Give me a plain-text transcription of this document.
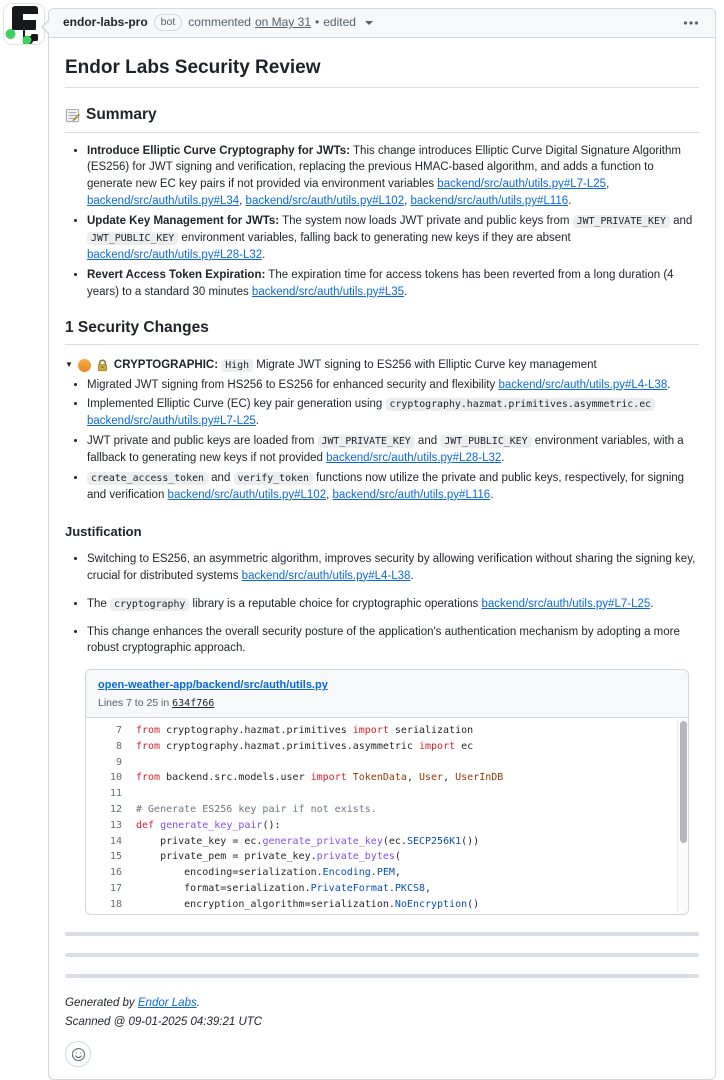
endor-labs-pro	bot	commented on May 31 • edited
Endor Labs Security Review
Summary
• Introduce Elliptic Curve Cryptography for JWTs: This change introduces Elliptic Curve Digital Signature Algorithm (ES256) for JWT signing and verification, replacing the previous HMAC-based algorithm, and adds a function to generate new EC key pairs if not provided via environment variables backend/src/auth/utils.py#L7-L25, backend/src/auth/utils.py#L34, backend/src/auth/utils.py#L102, backend/src/auth/utils.py#L116.
• Update Key Management for JWTs: The system now loads JWT private and public keys from JWT_PRIVATE_KEY and JWT_PUBLIC_KEY environment variables, falling back to generating new keys if they are absent backend/src/auth/utils.py#L28-L32.
• Revert Access Token Expiration: The expiration time for access tokens has been reverted from a long duration (4 years) to a standard 30 minutes backend/src/auth/utils.py#L35.
1 Security Changes
▼	CRYPTOGRAPHIC: High Migrate JWT signing to ES256 with Elliptic Curve key management
• Migrated JWT signing from HS256 to ES256 for enhanced security and flexibility backend/src/auth/utils.py#L4-L38.
• Implemented Elliptic Curve (EC) key pair generation using cryptography.hazmat.primitives.asymmetric.ec backend/src/auth/utils.py#L7-L25.
• JWT private and public keys are loaded from JWT_PRIVATE_KEY and JWT_PUBLIC_KEY environment variables, with a fallback to generating new keys if not provided backend/src/auth/utils.py#L28-L32.
• create_access_token and verify_token functions now utilize the private and public keys, respectively, for signing and verification backend/src/auth/utils.py#L102, backend/src/auth/utils.py#L116.
Justification
• Switching to ES256, an asymmetric algorithm, improves security by allowing verification without sharing the signing key, crucial for distributed systems backend/src/auth/utils.py#L4-L38.
• The cryptography library is a reputable choice for cryptographic operations backend/src/auth/utils.py#L7-L25.
• This change enhances the overall security posture of the application's authentication mechanism by adopting a more robust cryptographic approach.
open-weather-app/backend/src/auth/utils.py
Lines 7 to 25 in 634f766
7 from cryptography.hazmat.primitives import serialization
8 from cryptography.hazmat.primitives.asymmetric import ec
9
10 from backend.src.models.user import TokenData, User, UserInDB
11
12 # Generate ES256 key pair if not exists.
13 def generate_key_pair():
14 private_key = ec.generate_private_key(ec.SECP256K1())
15 private_pem = private_key.private_bytes(
16 encoding=serialization.Encoding.PEM,
17 format=serialization.PrivateFormat.PKCS8,
18 encryption_algorithm=serialization.NoEncryption()

Generated by Endor Labs.

Scanned @ 09-01-2025 04:39:21 UTC
